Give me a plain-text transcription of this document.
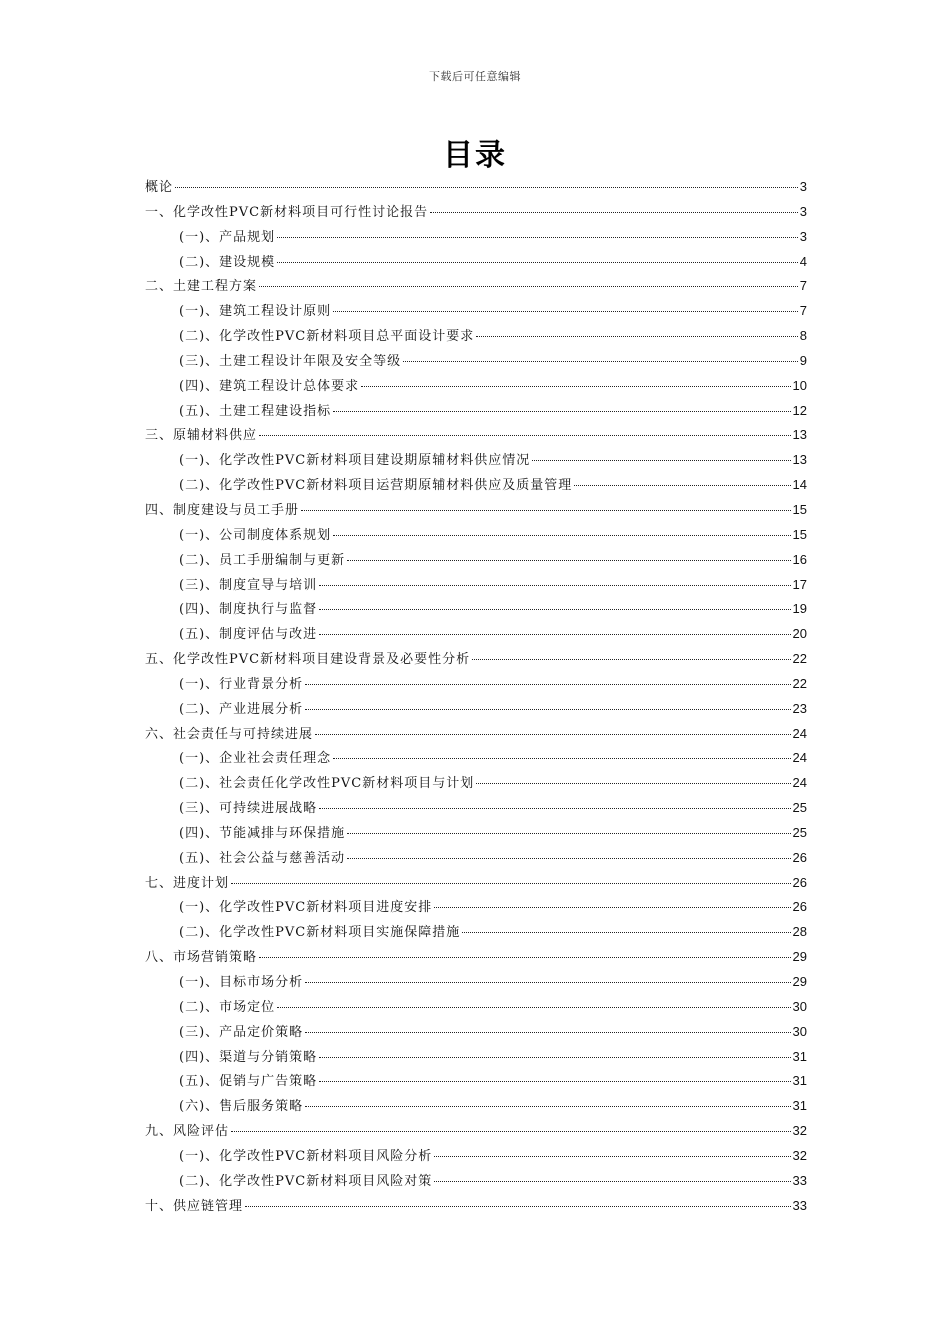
下载后可任意编辑
目录
概论	3
一、化学改性PVC新材料项目可行性讨论报告	3
(一)、产品规划	3
(二)、建设规模	4
二、土建工程方案	7
(一)、建筑工程设计原则	7
(二)、化学改性PVC新材料项目总平面设计要求	8
(三)、土建工程设计年限及安全等级	9
(四)、建筑工程设计总体要求	10
(五)、土建工程建设指标	12
三、原辅材料供应	13
(一)、化学改性PVC新材料项目建设期原辅材料供应情况	13
(二)、化学改性PVC新材料项目运营期原辅材料供应及质量管理	14
四、制度建设与员工手册	15
(一)、公司制度体系规划	15
(二)、员工手册编制与更新	16
(三)、制度宣导与培训	17
(四)、制度执行与监督	19
(五)、制度评估与改进	20
五、化学改性PVC新材料项目建设背景及必要性分析	22
(一)、行业背景分析	22
(二)、产业进展分析	23
六、社会责任与可持续进展	24
(一)、企业社会责任理念	24
(二)、社会责任化学改性PVC新材料项目与计划	24
(三)、可持续进展战略	25
(四)、节能减排与环保措施	25
(五)、社会公益与慈善活动	26
七、进度计划	26
(一)、化学改性PVC新材料项目进度安排	26
(二)、化学改性PVC新材料项目实施保障措施	28
八、市场营销策略	29
(一)、目标市场分析	29
(二)、市场定位	30
(三)、产品定价策略	30
(四)、渠道与分销策略	31
(五)、促销与广告策略	31
(六)、售后服务策略	31
九、风险评估	32
(一)、化学改性PVC新材料项目风险分析	32
(二)、化学改性PVC新材料项目风险对策	33
十、供应链管理	33
